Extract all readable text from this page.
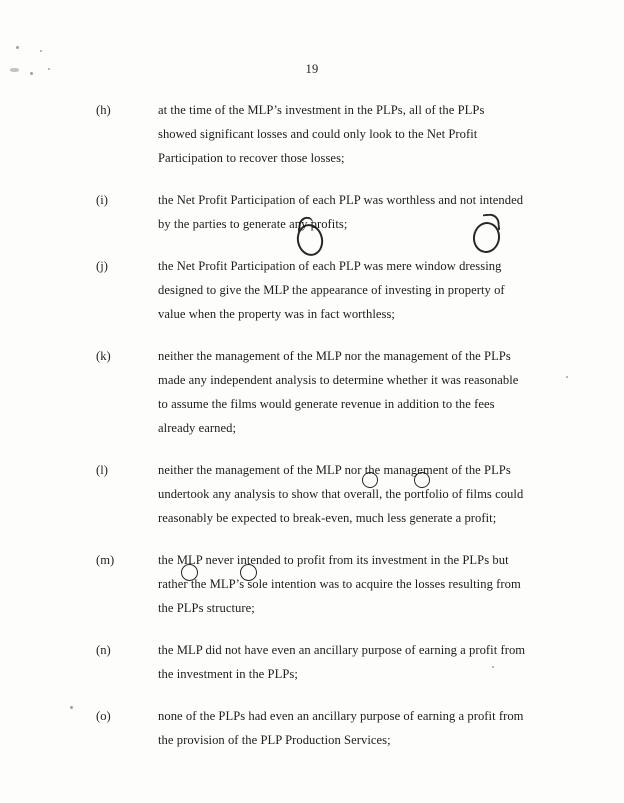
19
(h)	at the time of the MLP’s investment in the PLPs, all of the PLPs showed significant losses and could only look to the Net Profit Participation to recover those losses;
(i)	the Net Profit Participation of each PLP was worthless and not intended by the parties to generate any profits;
(j)	the Net Profit Participation of each PLP was mere window dressing designed to give the MLP the appearance of investing in property of value when the property was in fact worthless;
(k)	neither the management of the MLP nor the management of the PLPs made any independent analysis to determine whether it was reasonable to assume the films would generate revenue in addition to the fees already earned;
(l)	neither the management of the MLP nor the management of the PLPs undertook any analysis to show that overall, the portfolio of films could reasonably be expected to break-even, much less generate a profit;
(m)	the MLP never intended to profit from its investment in the PLPs but rather the MLP’s sole intention was to acquire the losses resulting from the PLPs structure;
(n)	the MLP did not have even an ancillary purpose of earning a profit from the investment in the PLPs;
(o)	none of the PLPs had even an ancillary purpose of earning a profit from the provision of the PLP Production Services;
